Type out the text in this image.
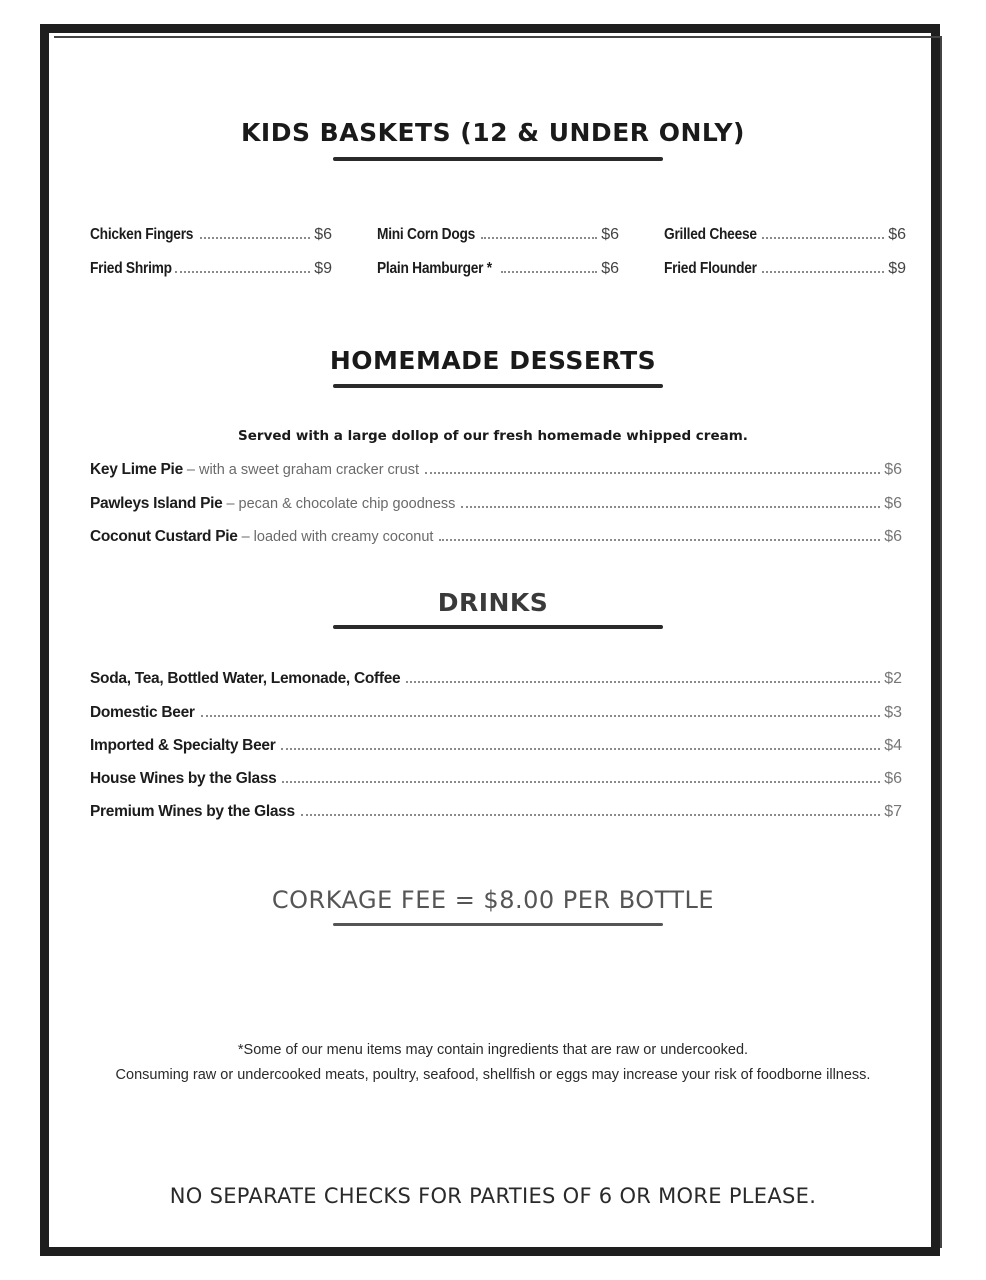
KIDS BASKETS (12 & UNDER ONLY)
Chicken Fingers	$6	Mini Corn Dogs	$6	Grilled Cheese	$6
Fried Shrimp	$9	Plain Hamburger *	$6	Fried Flounder	$9
HOMEMADE DESSERTS
Served with a large dollop of our fresh homemade whipped cream.
Key Lime Pie – with a sweet graham cracker crust	$6
Pawleys Island Pie – pecan & chocolate chip goodness	$6
Coconut Custard Pie – loaded with creamy coconut	$6
DRINKS
Soda, Tea, Bottled Water, Lemonade, Coffee	$2
Domestic Beer	$3
Imported & Specialty Beer	$4
House Wines by the Glass	$6
Premium Wines by the Glass	$7
CORKAGE FEE = $8.00 PER BOTTLE
*Some of our menu items may contain ingredients that are raw or undercooked.
Consuming raw or undercooked meats, poultry, seafood, shellfish or eggs may increase your risk of foodborne illness.
NO SEPARATE CHECKS FOR PARTIES OF 6 OR MORE PLEASE.
